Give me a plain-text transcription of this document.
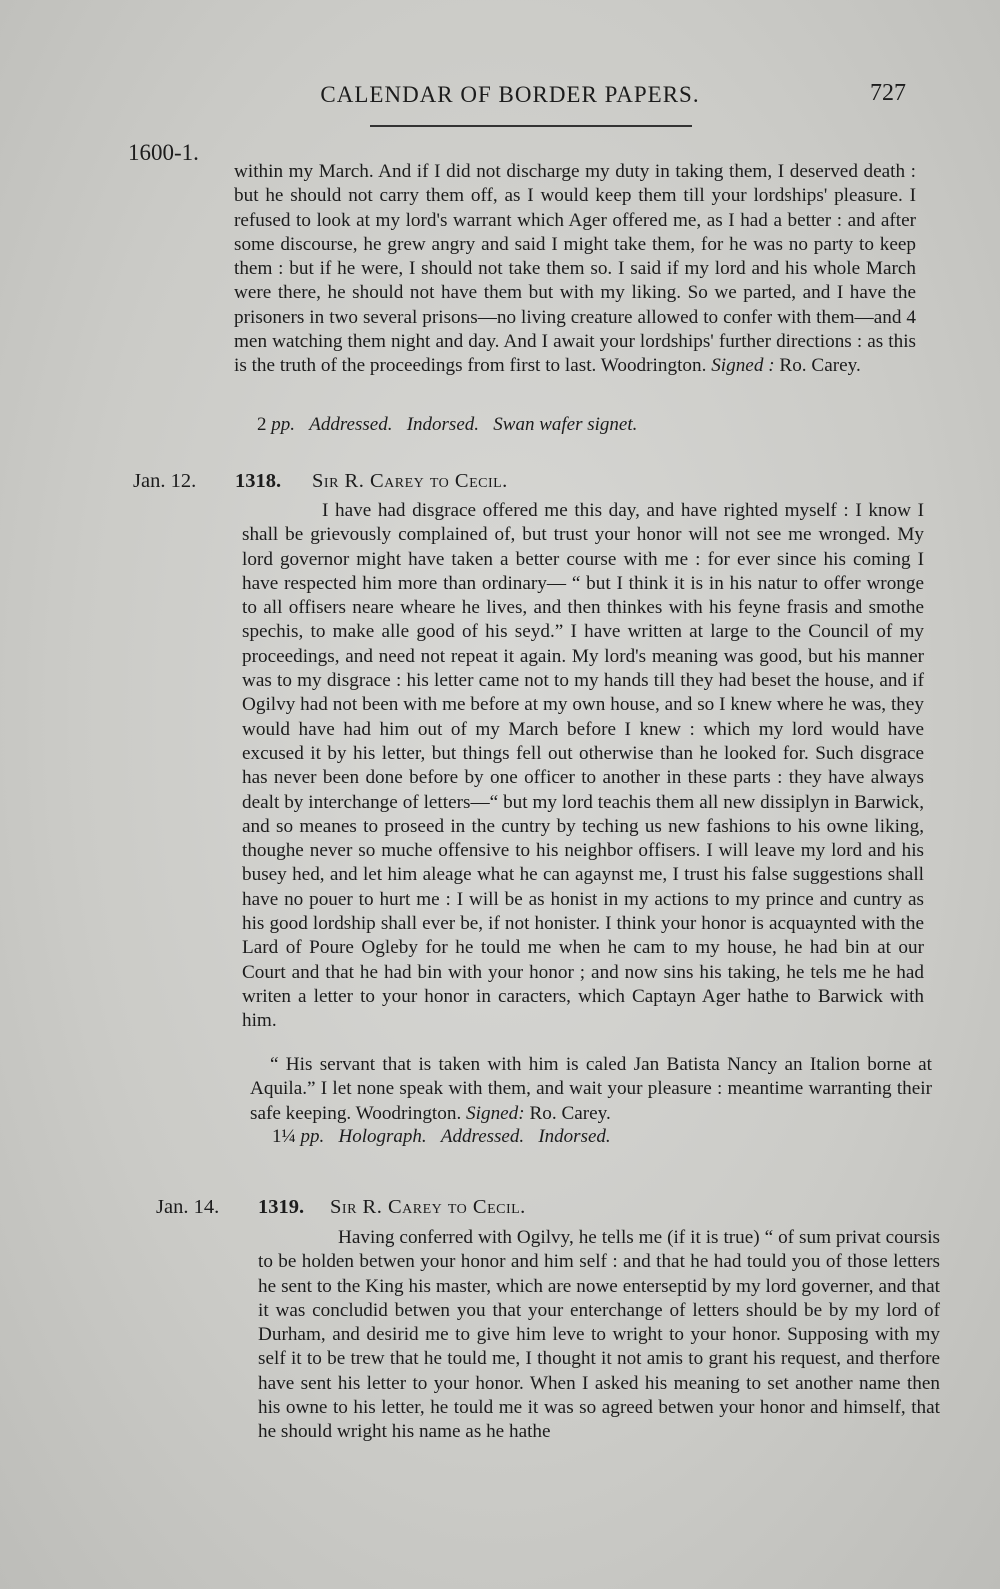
CALENDAR OF BORDER PAPERS.	727
1600-1.
within my March. And if I did not discharge my duty in taking them, I deserved death : but he should not carry them off, as I would keep them till your lordships' pleasure. I refused to look at my lord's warrant which Ager offered me, as I had a better : and after some discourse, he grew angry and said I might take them, for he was no party to keep them : but if he were, I should not take them so. I said if my lord and his whole March were there, he should not have them but with my liking. So we parted, and I have the prisoners in two several prisons—no living creature allowed to confer with them—and 4 men watching them night and day. And I await your lordships' further directions : as this is the truth of the proceedings from first to last. Woodrington. Signed : Ro. Carey.
2 pp. Addressed. Indorsed. Swan wafer signet.
Jan. 12. 1318. Sir R. Carey to Cecil.
I have had disgrace offered me this day, and have righted myself : I know I shall be grievously complained of, but trust your honor will not see me wronged. My lord governor might have taken a better course with me : for ever since his coming I have respected him more than ordinary— “ but I think it is in his natur to offer wronge to all offisers neare wheare he lives, and then thinkes with his feyne frasis and smothe spechis, to make alle good of his seyd.” I have written at large to the Council of my proceedings, and need not repeat it again. My lord's meaning was good, but his manner was to my disgrace : his letter came not to my hands till they had beset the house, and if Ogilvy had not been with me before at my own house, and so I knew where he was, they would have had him out of my March before I knew : which my lord would have excused it by his letter, but things fell out otherwise than he looked for. Such disgrace has never been done before by one officer to another in these parts : they have always dealt by interchange of letters—“ but my lord teachis them all new dissiplyn in Barwick, and so meanes to proseed in the cuntry by teching us new fashions to his owne liking, thoughe never so muche offensive to his neighbor offisers. I will leave my lord and his busey hed, and let him aleage what he can agaynst me, I trust his false suggestions shall have no pouer to hurt me : I will be as honist in my actions to my prince and cuntry as his good lordship shall ever be, if not honister. I think your honor is acquaynted with the Lard of Poure Ogleby for he tould me when he cam to my house, he had bin at our Court and that he had bin with your honor ; and now sins his taking, he tels me he had writen a letter to your honor in caracters, which Captayn Ager hathe to Barwick with him.
“ His servant that is taken with him is caled Jan Batista Nancy an Italion borne at Aquila.” I let none speak with them, and wait your pleasure : meantime warranting their safe keeping. Woodrington. Signed: Ro. Carey.
1¼ pp. Holograph. Addressed. Indorsed.
Jan. 14. 1319. Sir R. Carey to Cecil.
Having conferred with Ogilvy, he tells me (if it is true) “ of sum privat coursis to be holden betwen your honor and him self : and that he had tould you of those letters he sent to the King his master, which are nowe enterseptid by my lord governer, and that it was concludid betwen you that your enterchange of letters should be by my lord of Durham, and desirid me to give him leve to wright to your honor. Supposing with my self it to be trew that he tould me, I thought it not amis to grant his request, and therfore have sent his letter to your honor. When I asked his meaning to set another name then his owne to his letter, he tould me it was so agreed betwen your honor and himself, that he should wright his name as he hathe
